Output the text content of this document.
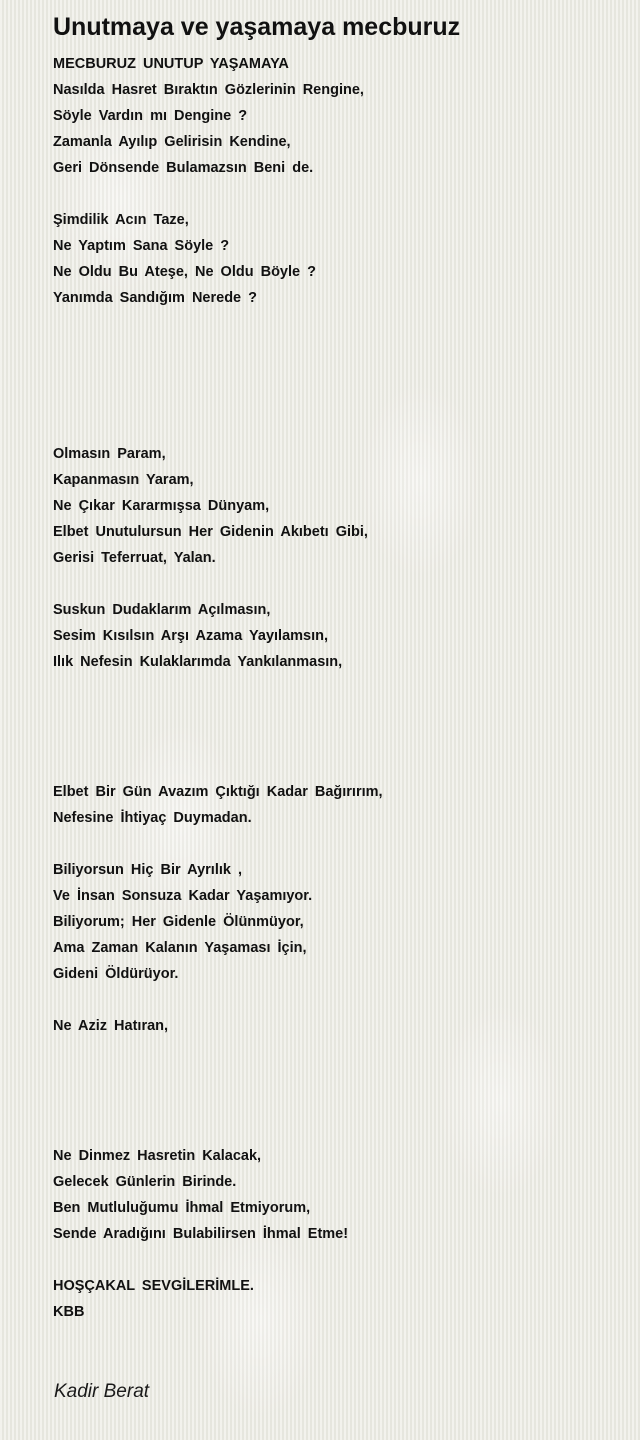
Unutmaya ve yaşamaya mecburuz
MECBURUZ UNUTUP YAŞAMAYA
Nasılda Hasret Bıraktın Gözlerinin Rengine,
Söyle Vardın mı Dengine ?
Zamanla Ayılıp Gelirisin Kendine,
Geri Dönsende Bulamazsın Beni de.
Şimdilik Acın Taze,
Ne Yaptım Sana Söyle ?
Ne Oldu Bu Ateşe, Ne Oldu Böyle ?
Yanımda Sandığım Nerede ?
Olmasın Param,
Kapanmasın Yaram,
Ne Çıkar Kararmışsa Dünyam,
Elbet Unutulursun Her Gidenin Akıbetı Gibi,
Gerisi Teferruat, Yalan.
Suskun Dudaklarım Açılmasın,
Sesim Kısılsın Arşı Azama Yayılamsın,
Ilık Nefesin Kulaklarımda Yankılanmasın,
Elbet Bir Gün Avazım Çıktığı Kadar Bağırırım,
Nefesine İhtiyaç Duymadan.
Biliyorsun Hiç Bir Ayrılık ,
Ve İnsan Sonsuza Kadar Yaşamıyor.
Biliyorum; Her Gidenle Ölünmüyor,
Ama Zaman Kalanın Yaşaması İçin,
Gideni Öldürüyor.
Ne Aziz Hatıran,
Ne Dinmez Hasretin Kalacak,
Gelecek Günlerin Birinde.
Ben Mutluluğumu İhmal Etmiyorum,
Sende Aradığını Bulabilirsen İhmal Etme!
HOŞÇAKAL SEVGİLERİMLE.
KBB
Kadir Berat
